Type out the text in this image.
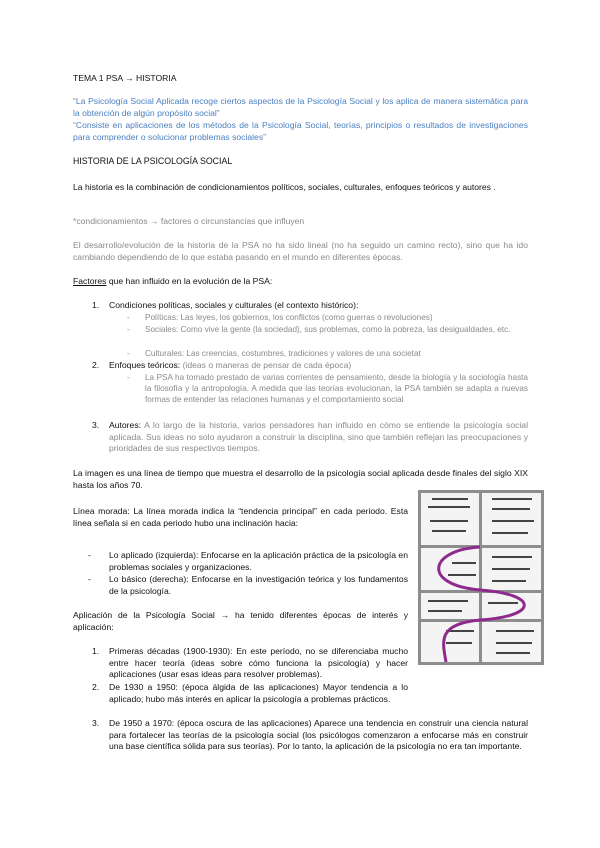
TEMA 1 PSA → HISTORIA

“La Psicología Social Aplicada recoge ciertos aspectos de la Psicología Social y los aplica de manera sistemática para la obtención de algún propósito social”

“Consiste en aplicaciones de los métodos de la Psicología Social, teorías, principios o resultados de investigaciones para comprender o solucionar problemas sociales”

HISTORIA DE LA PSICOLOGÍA SOCIAL

La historia es la combinación de condicionamientos políticos, sociales, culturales, enfoques teóricos y autores .

*condicionamientos → factores o circunstancias que influyen

El desarrollo/evolución de la historia de la PSA no ha sido lineal (no ha seguido un camino recto), sino que ha ido cambiando dependiendo de lo que estaba pasando en el mundo en diferentes épocas.

Factores que han influido en la evolución de la PSA:

1. Condiciones políticas, sociales y culturales (el contexto histórico):
- Políticas: Las leyes, los gobiernos, los conflictos (como guerras o revoluciones)
- Sociales: Como vive la gente (la sociedad), sus problemas, como la pobreza, las desigualdades, etc.
- Culturales: Las creencias, costumbres, tradiciones y valores de una societat
2. Enfoques teóricos: (ideas o maneras de pensar de cada época)
- La PSA ha tomado prestado de varias corrientes de pensamiento, desde la biología y la sociología hasta la filosofía y la antropología. A medida que las teorías evolucionan, la PSA también se adapta a nuevas formas de entender las relaciones humanas y el comportamiento social
3. Autores: A lo largo de la historia, varios pensadores han influido en cómo se entiende la psicología social aplicada. Sus ideas no solo ayudaron a construir la disciplina, sino que también reflejan las preocupaciones y prioridades de sus respectivos tiempos.

La imagen es una línea de tiempo que muestra el desarrollo de la psicología social aplicada desde finales del siglo XIX hasta los años 70.

Línea morada: La línea morada indica la “tendencia principal” en cada periodo. Esta línea señala si en cada periodo hubo una inclinación hacia:

- Lo aplicado (izquierda): Enfocarse en la aplicación práctica de la psicología en problemas sociales y organizaciones.
- Lo básico (derecha): Enfocarse en la investigación teórica y los fundamentos de la psicología.

Aplicación de la Psicología Social → ha tenido diferentes épocas de interés y aplicación:

1. Primeras décadas (1900-1930): En este período, no se diferenciaba mucho entre hacer teoría (ideas sobre cómo funciona la psicología) y hacer aplicaciones (usar esas ideas para resolver problemas).
2. De 1930 a 1950: (época álgida de las aplicaciones) Mayor tendencia a lo aplicado; hubo más interés en aplicar la psicología a problemas prácticos.
3. De 1950 a 1970: (época oscura de las aplicaciones) Aparece una tendencia en construir una ciencia natural para fortalecer las teorías de la psicología social (los psicólogos comenzaron a enfocarse más en construir una base científica sólida para sus teorías). Por lo tanto, la aplicación de la psicología no era tan importante.
